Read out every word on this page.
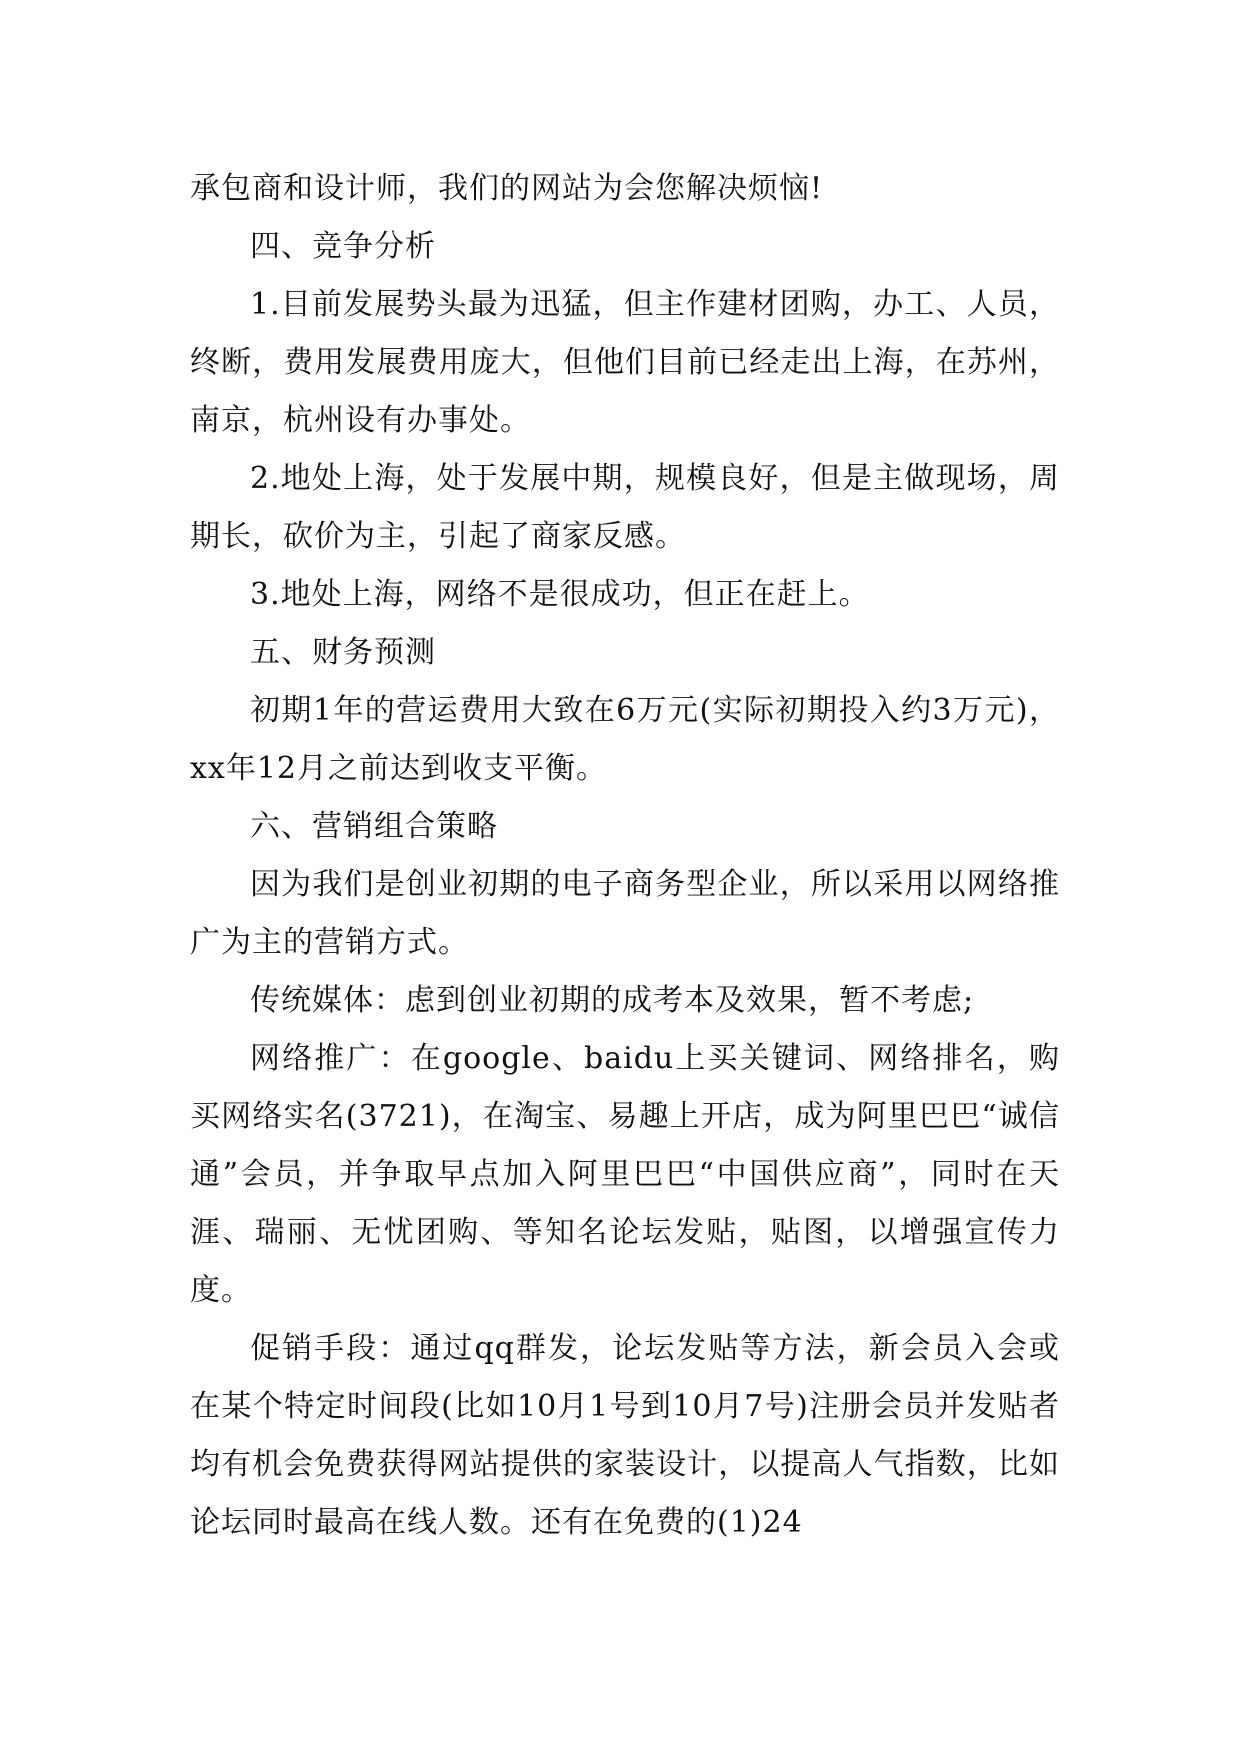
承包商和设计师，我们的网站为会您解决烦恼!

四、竞争分析

1.目前发展势头最为迅猛，但主作建材团购，办工、人员，终断，费用发展费用庞大，但他们目前已经走出上海，在苏州，南京，杭州设有办事处。

2.地处上海，处于发展中期，规模良好，但是主做现场，周期长，砍价为主，引起了商家反感。

3.地处上海，网络不是很成功，但正在赶上。

五、财务预测

初期1年的营运费用大致在6万元(实际初期投入约3万元)，xx年12月之前达到收支平衡。

六、营销组合策略

因为我们是创业初期的电子商务型企业，所以采用以网络推广为主的营销方式。

传统媒体：虑到创业初期的成考本及效果，暂不考虑;

网络推广：在google、baidu上买关键词、网络排名，购买网络实名(3721)，在淘宝、易趣上开店，成为阿里巴巴“诚信通”会员，并争取早点加入阿里巴巴“中国供应商”，同时在天涯、瑞丽、无忧团购、等知名论坛发贴，贴图，以增强宣传力度。

促销手段：通过qq群发，论坛发贴等方法，新会员入会或在某个特定时间段(比如10月1号到10月7号)注册会员并发贴者均有机会免费获得网站提供的家装设计，以提高人气指数，比如论坛同时最高在线人数。还有在免费的(1)24
